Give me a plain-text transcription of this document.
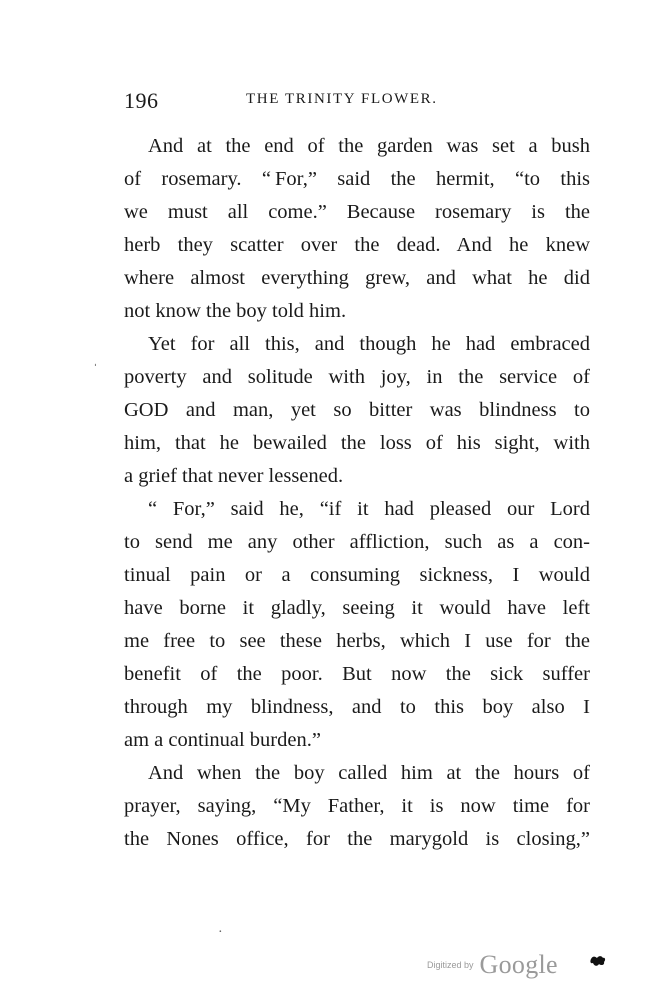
196	THE TRINITY FLOWER.
And at the end of the garden was set a bush
of rosemary. “ For,” said the hermit, “to this
we must all come.” Because rosemary is the
herb they scatter over the dead. And he knew
where almost everything grew, and what he did
not know the boy told him.
Yet for all this, and though he had embraced
poverty and solitude with joy, in the service of
GOD and man, yet so bitter was blindness to
him, that he bewailed the loss of his sight, with
a grief that never lessened.
“ For,” said he, “if it had pleased our Lord
to send me any other affliction, such as a con-
tinual pain or a consuming sickness, I would
have borne it gladly, seeing it would have left
me free to see these herbs, which I use for the
benefit of the poor. But now the sick suffer
through my blindness, and to this boy also I
am a continual burden.”
And when the boy called him at the hours of
prayer, saying, “My Father, it is now time for
the Nones office, for the marygold is closing,”
ˌ
·
Digitized by Google
